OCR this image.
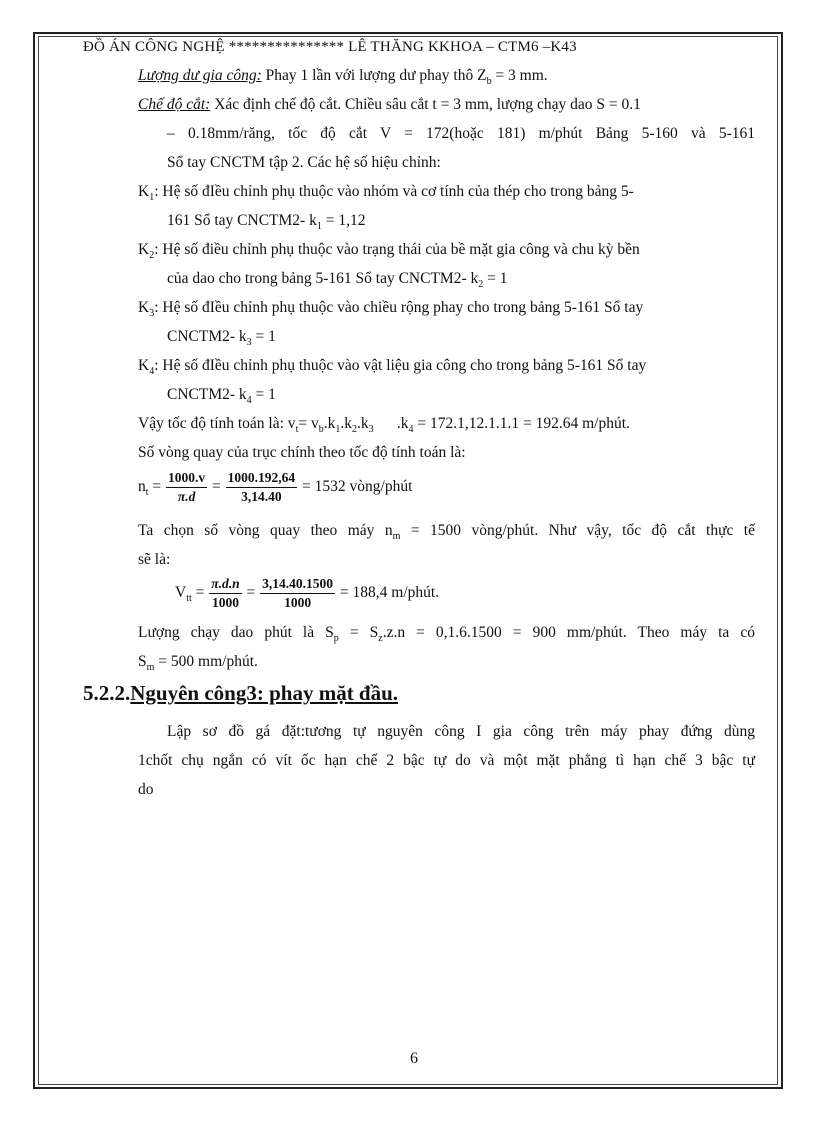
ĐỒ ÁN CÔNG NGHỆ *************** LÊ THĂNG KKHOA – CTM6 –K43
Lượng dư gia công: Phay 1 lần với lượng dư phay thô $Z_b = 3$ mm.
Chế độ cắt: Xác định chế độ cắt. Chiều sâu cắt t = 3 mm, lượng chạy dao S = 0.1
– 0.18mm/răng, tốc độ cắt V = 172(hoặc 181) m/phút Bảng 5-160 và 5-161
Sổ tay CNCTM tập 2. Các hệ số hiệu chỉnh:
$K_1$: Hệ số đIều chỉnh phụ thuộc vào nhóm và cơ tính của thép cho trong bảng 5-
161 Sổ tay CNCTM2- $k_1 = 1,12$
$K_2$: Hệ số điều chỉnh phụ thuộc vào trạng thái của bề mặt gia công và chu kỳ bền
của dao cho trong bảng 5-161 Sổ tay CNCTM2- $k_2 = 1$
$K_3$: Hệ số đIều chỉnh phụ thuộc vào chiều rộng phay cho trong bảng 5-161 Sổ tay
CNCTM2- $k_3 = 1$
$K_4$: Hệ số đIều chỉnh phụ thuộc vào vật liệu gia công cho trong bảng 5-161 Sổ tay
CNCTM2- $k_4 = 1$
Vậy tốc độ tính toán là: $v_t= v_b.k_1.k_2.k_3$ $.k_4 = 172.1,12.1.1.1 = 192.64$ m/phút.
Số vòng quay của trục chính theo tốc độ tính toán là:
$n_t = \frac{1000.v}{\pi.d} = \frac{1000.192,64}{3,14.40} = 1532$ vòng/phút
Ta chọn số vòng quay theo máy $n_m = 1500$ vòng/phút. Như vậy, tốc độ cắt thực tế
sẽ là:
$V_{tt} = \frac{\pi.d.n}{1000} = \frac{3,14.40.1500}{1000} = 188,4$ m/phút.
Lượng chạy dao phút là $S_p = S_z.z.n = 0,1.6.1500 = 900$ mm/phút. Theo máy ta có
$S_m = 500$ mm/phút.
5.2.2.Nguyên công3: phay mặt đầu.
Lập sơ đồ gá đặt:tương tự nguyên công I gia công trên máy phay đứng dùng
1chốt chụ ngắn có vít ốc hạn chế 2 bậc tự do và một mặt phẳng tì hạn chế 3 bậc tự
do
6
